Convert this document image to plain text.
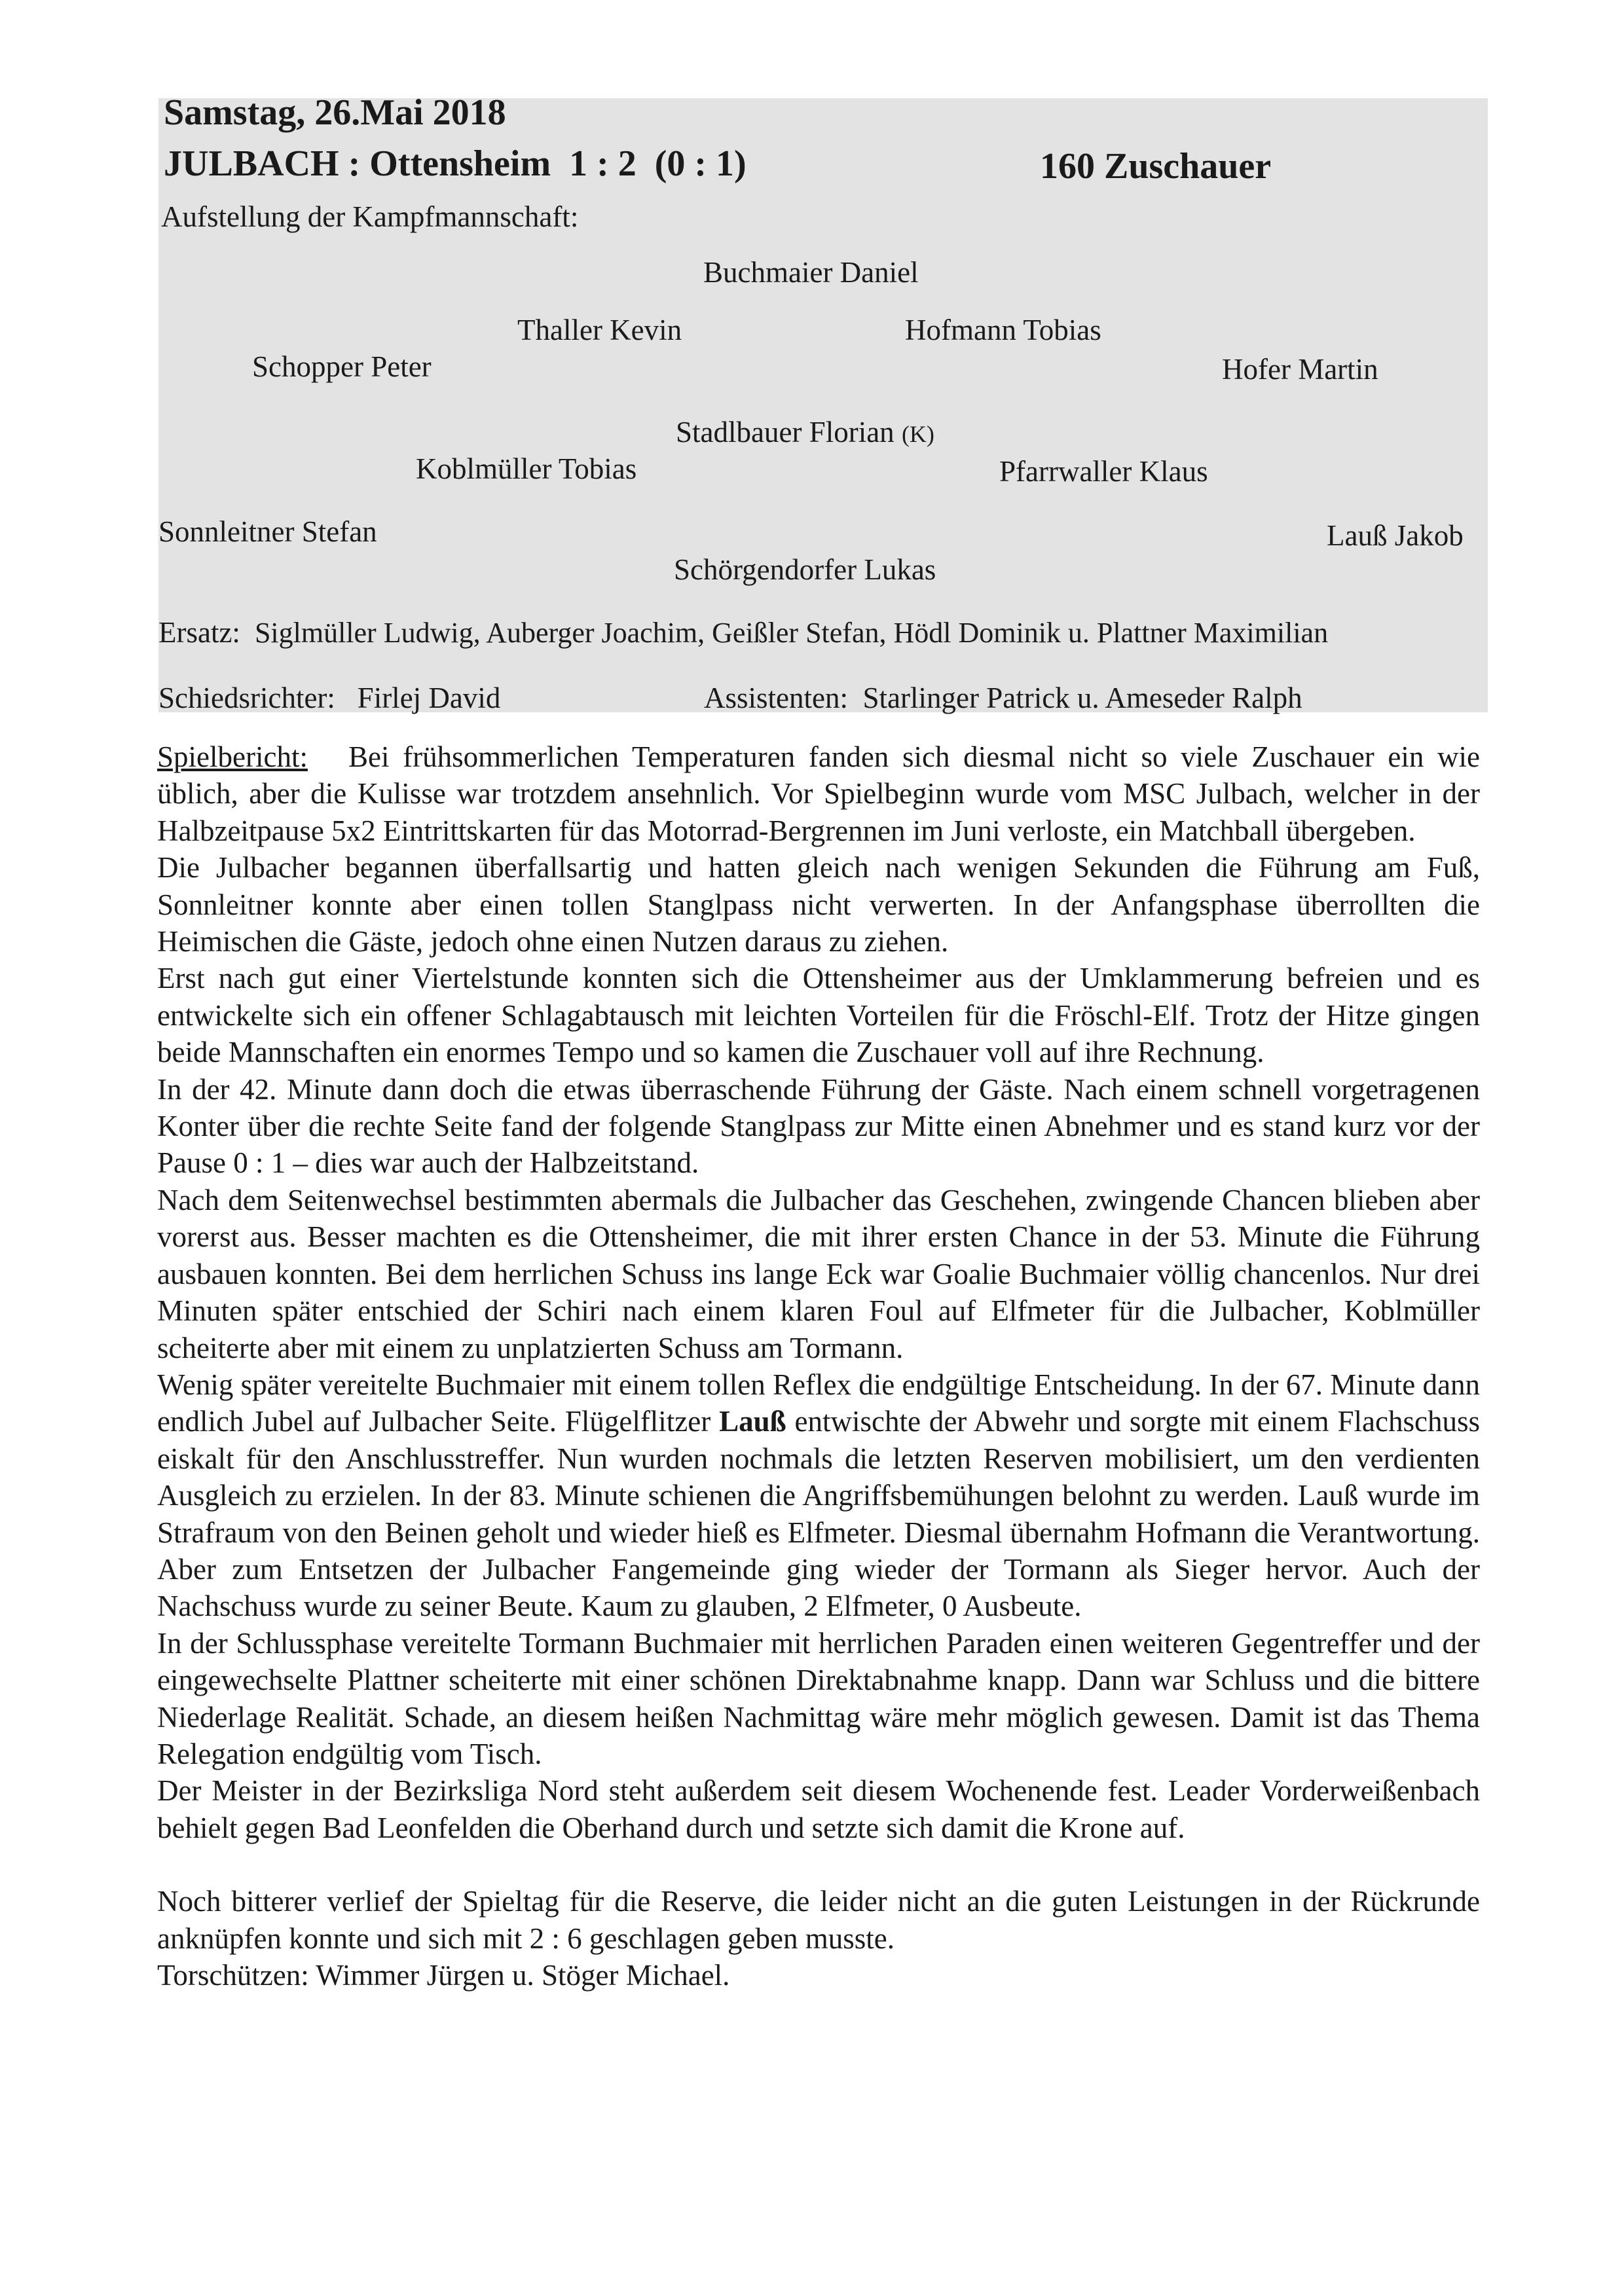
Samstag, 26.Mai 2018
JULBACH : Ottensheim  1 : 2  (0 : 1)	160 Zuschauer
Aufstellung der Kampfmannschaft:
Buchmaier Daniel
Thaller Kevin	Hofmann Tobias
Schopper Peter	Hofer Martin
Stadlbauer Florian (K)
Koblmüller Tobias	Pfarrwaller Klaus
Sonnleitner Stefan	Lauß Jakob
Schörgendorfer Lukas
Ersatz: Siglmüller Ludwig, Auberger Joachim, Geißler Stefan, Hödl Dominik u. Plattner Maximilian
Schiedsrichter: Firlej David	Assistenten: Starlinger Patrick u. Ameseder Ralph

Spielbericht: Bei frühsommerlichen Temperaturen fanden sich diesmal nicht so viele Zuschauer ein wie üblich, aber die Kulisse war trotzdem ansehnlich. Vor Spielbeginn wurde vom MSC Julbach, welcher in der Halbzeitpause 5x2 Eintrittskarten für das Motorrad-Bergrennen im Juni verloste, ein Matchball übergeben.

Die Julbacher begannen überfallsartig und hatten gleich nach wenigen Sekunden die Führung am Fuß, Sonnleitner konnte aber einen tollen Stanglpass nicht verwerten. In der Anfangsphase überrollten die Heimischen die Gäste, jedoch ohne einen Nutzen daraus zu ziehen.

Erst nach gut einer Viertelstunde konnten sich die Ottensheimer aus der Umklammerung befreien und es entwickelte sich ein offener Schlagabtausch mit leichten Vorteilen für die Fröschl-Elf. Trotz der Hitze gingen beide Mannschaften ein enormes Tempo und so kamen die Zuschauer voll auf ihre Rechnung.

In der 42. Minute dann doch die etwas überraschende Führung der Gäste. Nach einem schnell vorgetragenen Konter über die rechte Seite fand der folgende Stanglpass zur Mitte einen Abnehmer und es stand kurz vor der Pause 0 : 1 – dies war auch der Halbzeitstand.

Nach dem Seitenwechsel bestimmten abermals die Julbacher das Geschehen, zwingende Chancen blieben aber vorerst aus. Besser machten es die Ottensheimer, die mit ihrer ersten Chance in der 53. Minute die Führung ausbauen konnten. Bei dem herrlichen Schuss ins lange Eck war Goalie Buchmaier völlig chancenlos. Nur drei Minuten später entschied der Schiri nach einem klaren Foul auf Elfmeter für die Julbacher, Koblmüller scheiterte aber mit einem zu unplatzierten Schuss am Tormann.

Wenig später vereitelte Buchmaier mit einem tollen Reflex die endgültige Entscheidung. In der 67. Minute dann endlich Jubel auf Julbacher Seite. Flügelflitzer Lauß entwischte der Abwehr und sorgte mit einem Flachschuss eiskalt für den Anschlusstreffer. Nun wurden nochmals die letzten Reserven mobilisiert, um den verdienten Ausgleich zu erzielen. In der 83. Minute schienen die Angriffsbemühungen belohnt zu werden. Lauß wurde im Strafraum von den Beinen geholt und wieder hieß es Elfmeter. Diesmal übernahm Hofmann die Verantwortung. Aber zum Entsetzen der Julbacher Fangemeinde ging wieder der Tormann als Sieger hervor. Auch der Nachschuss wurde zu seiner Beute. Kaum zu glauben, 2 Elfmeter, 0 Ausbeute.

In der Schlussphase vereitelte Tormann Buchmaier mit herrlichen Paraden einen weiteren Gegentreffer und der eingewechselte Plattner scheiterte mit einer schönen Direktabnahme knapp. Dann war Schluss und die bittere Niederlage Realität. Schade, an diesem heißen Nachmittag wäre mehr möglich gewesen. Damit ist das Thema Relegation endgültig vom Tisch.

Der Meister in der Bezirksliga Nord steht außerdem seit diesem Wochenende fest. Leader Vorderweißenbach behielt gegen Bad Leonfelden die Oberhand durch und setzte sich damit die Krone auf.

Noch bitterer verlief der Spieltag für die Reserve, die leider nicht an die guten Leistungen in der Rückrunde anknüpfen konnte und sich mit 2 : 6 geschlagen geben musste.

Torschützen: Wimmer Jürgen u. Stöger Michael.
